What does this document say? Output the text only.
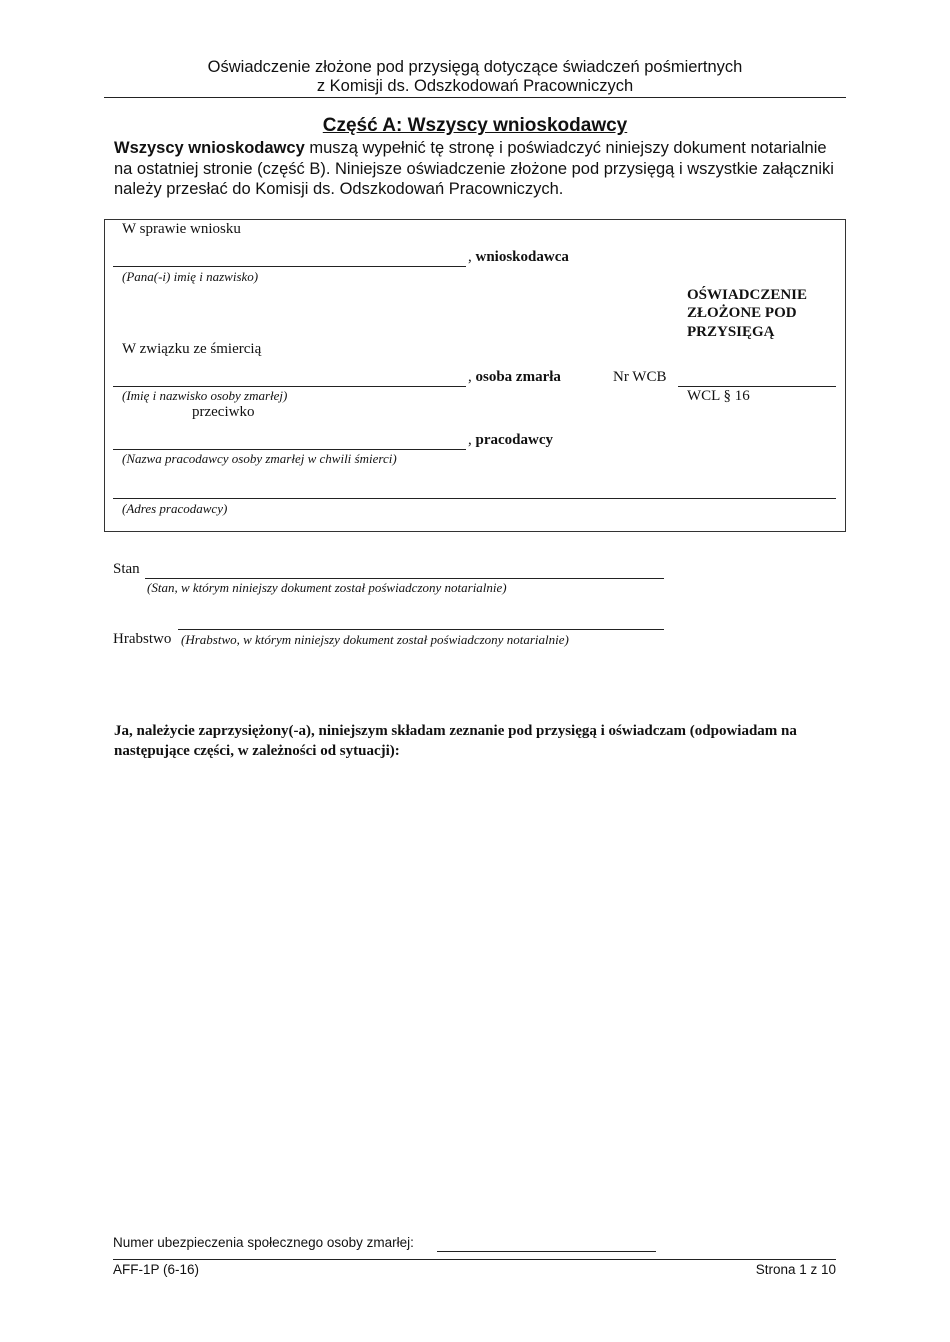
Oświadczenie złożone pod przysięgą dotyczące świadczeń pośmiertnych
z Komisji ds. Odszkodowań Pracowniczych
Część A: Wszyscy wnioskodawcy
Wszyscy wnioskodawcy muszą wypełnić tę stronę i poświadczyć niniejszy dokument notarialnie na ostatniej stronie (część B). Niniejsze oświadczenie złożone pod przysięgą i wszystkie załączniki należy przesłać do Komisji ds. Odszkodowań Pracowniczych.
W sprawie wniosku
, wnioskodawca
(Pana(-i) imię i nazwisko)
OŚWIADCZENIE
ZŁOŻONE POD
PRZYSIĘGĄ
W związku ze śmiercią
, osoba zmarła	Nr WCB
(Imię i nazwisko osoby zmarłej)	WCL § 16
przeciwko
, pracodawcy
(Nazwa pracodawcy osoby zmarłej w chwili śmierci)
(Adres pracodawcy)
Stan
(Stan, w którym niniejszy dokument został poświadczony notarialnie)
Hrabstwo (Hrabstwo, w którym niniejszy dokument został poświadczony notarialnie)
Ja, należycie zaprzysiężony(-a), niniejszym składam zeznanie pod przysięgą i oświadczam (odpowiadam na następujące części, w zależności od sytuacji):
Numer ubezpieczenia społecznego osoby zmarłej:
AFF-1P (6-16)	Strona 1 z 10
